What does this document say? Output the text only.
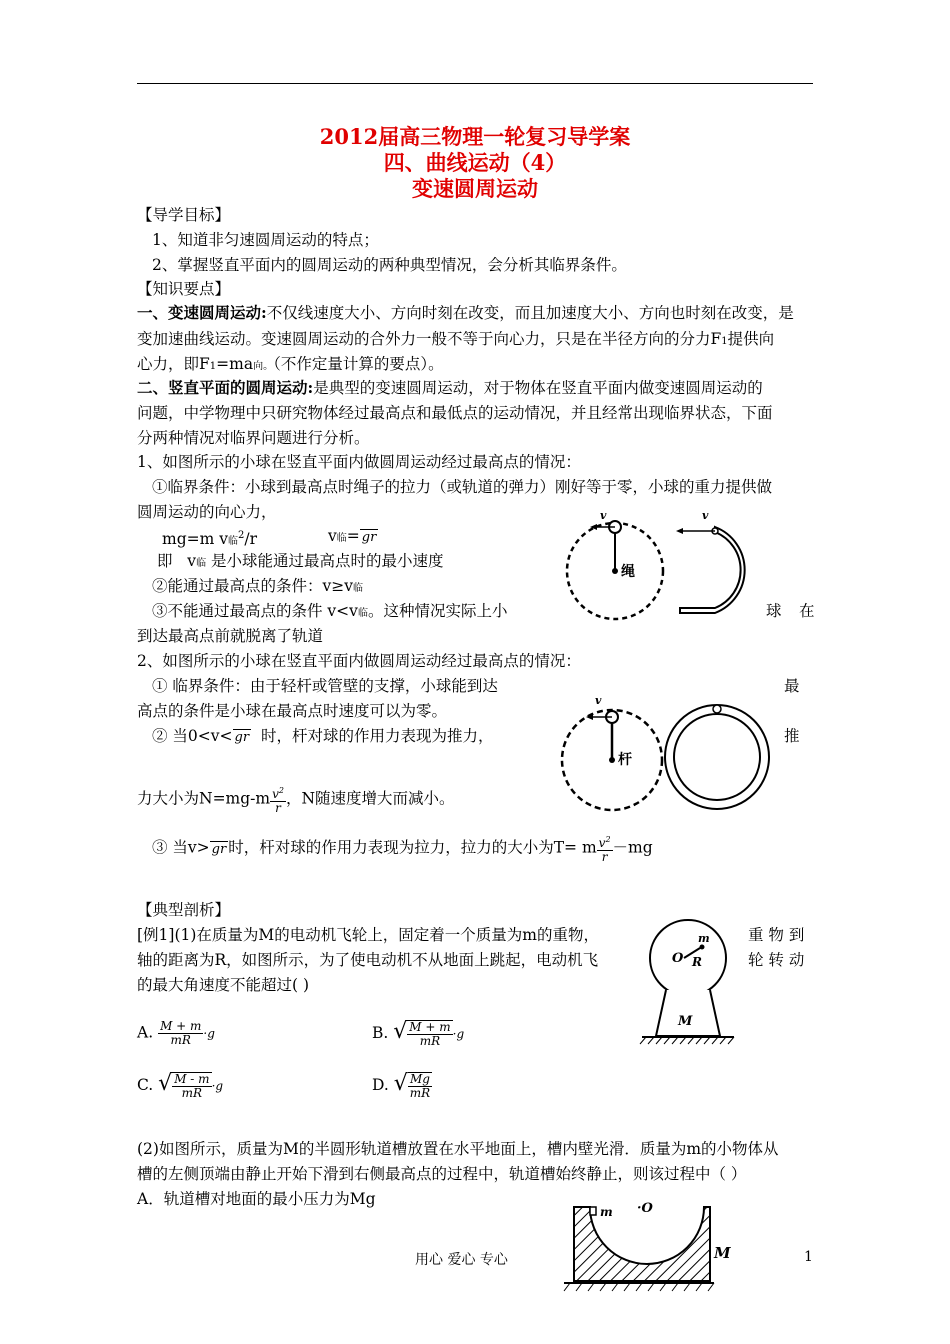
2012届高三物理一轮复习导学案
四、曲线运动（4）
变速圆周运动
【导学目标】
1、知道非匀速圆周运动的特点；
2、掌握竖直平面内的圆周运动的两种典型情况，会分析其临界条件。
【知识要点】
一、变速圆周运动:不仅线速度大小、方向时刻在改变，而且加速度大小、方向也时刻在改变，是
变加速曲线运动。变速圆周运动的合外力一般不等于向心力，只是在半径方向的分力F1提供向
心力，即F1=ma向。（不作定量计算的要点）。
二、竖直平面的圆周运动:是典型的变速圆周运动，对于物体在竖直平面内做变速圆周运动的
问题，中学物理中只研究物体经过最高点和最低点的运动情况，并且经常出现临界状态，下面
分两种情况对临界问题进行分析。
1、如图所示的小球在竖直平面内做圆周运动经过最高点的情况：
①临界条件：小球到最高点时绳子的拉力（或轨道的弹力）刚好等于零，小球的重力提供做
圆周运动的向心力，
mg=m v临$^2$/r	v临= gr
即 v临 是小球能通过最高点时的最小速度
②能通过最高点的条件：v≥v临
③不能通过最高点的条件 v<v临。这种情况实际上小	球 在
到达最高点前就脱离了轨道
2、如图所示的小球在竖直平面内做圆周运动经过最高点的情况：
① 临界条件：由于轻杆或管壁的支撑，小球能到达	最
高点的条件是小球在最高点时速度可以为零。
② 当0<v< gr 时，杆对球的作用力表现为推力，	推
力大小为$N=mg-m \frac{v^2}{r}$ ，N随速度增大而减小。
③ 当v> gr 时，杆对球的作用力表现为拉力，拉力的大小为T= m $\frac{v^2}{r} -mg$
【典型剖析】
[例1](1)在质量为M的电动机飞轮上，固定着一个质量为m的重物，	重 物 到
轴的距离为R，如图所示，为了使电动机不从地面上跳起，电动机飞	轮 转 动
的最大角速度不能超过( )
A. $\frac{M + m}{mR} \cdot g$	B. √ $\frac{M + m}{mR} \cdot g$
C. √ $\frac{M - m}{mR} \cdot g$	D. √ $\frac{Mg}{mR}$
(2)如图所示，质量为M的半圆形轨道槽放置在水平地面上，槽内壁光滑．质量为m的小物体从
槽的左侧顶端由静止开始下滑到右侧最高点的过程中，轨道槽始终静止，则该过程中（ ）
A．轨道槽对地面的最小压力为Mg
v
绳
v
v
杆
O
m
R
M
m ·O
M
用心 爱心 专心	1
